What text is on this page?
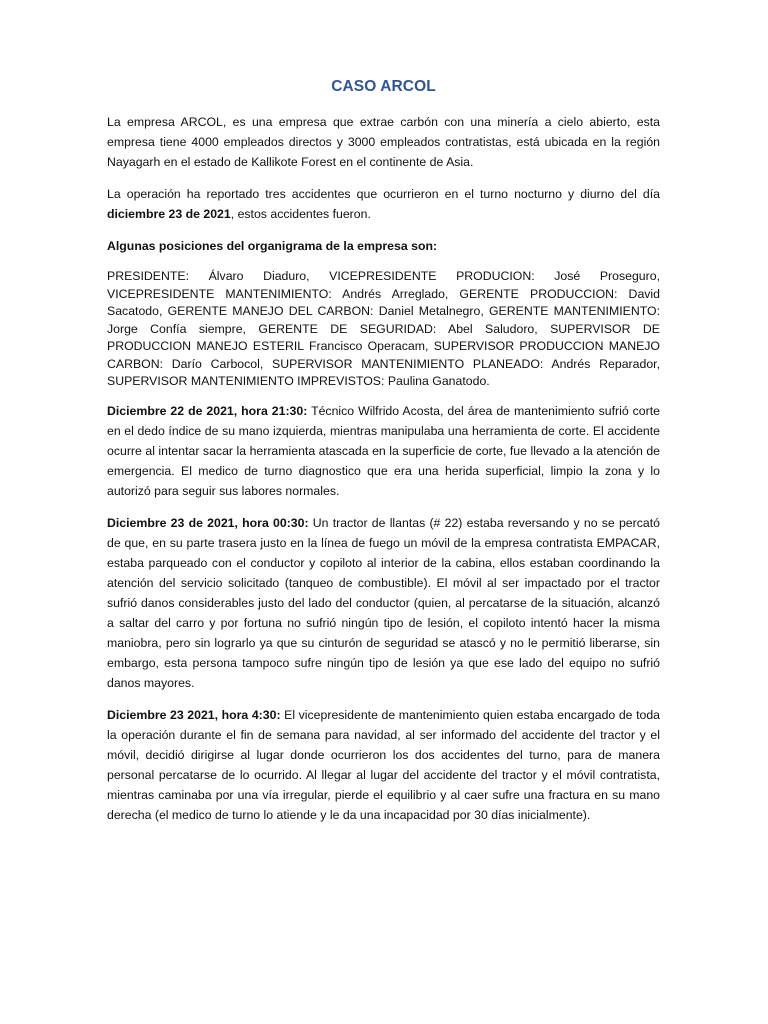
CASO ARCOL

La empresa ARCOL, es una empresa que extrae carbón con una minería a cielo abierto, esta empresa tiene 4000 empleados directos y 3000 empleados contratistas, está ubicada en la región Nayagarh en el estado de Kallikote Forest en el continente de Asia.

La operación ha reportado tres accidentes que ocurrieron en el turno nocturno y diurno del día diciembre 23 de 2021, estos accidentes fueron.

Algunas posiciones del organigrama de la empresa son:

PRESIDENTE: Álvaro Diaduro, VICEPRESIDENTE PRODUCION: José Proseguro, VICEPRESIDENTE MANTENIMIENTO: Andrés Arreglado, GERENTE PRODUCCION: David Sacatodo, GERENTE MANEJO DEL CARBON: Daniel Metalnegro, GERENTE MANTENIMIENTO: Jorge Confía siempre, GERENTE DE SEGURIDAD: Abel Saludoro, SUPERVISOR DE PRODUCCION MANEJO ESTERIL Francisco Operacam, SUPERVISOR PRODUCCION MANEJO CARBON: Darío Carbocol, SUPERVISOR MANTENIMIENTO PLANEADO: Andrés Reparador, SUPERVISOR MANTENIMIENTO IMPREVISTOS: Paulina Ganatodo.

Diciembre 22 de 2021, hora 21:30: Técnico Wilfrido Acosta, del área de mantenimiento sufrió corte en el dedo índice de su mano izquierda, mientras manipulaba una herramienta de corte. El accidente ocurre al intentar sacar la herramienta atascada en la superficie de corte, fue llevado a la atención de emergencia. El medico de turno diagnostico que era una herida superficial, limpio la zona y lo autorizó para seguir sus labores normales.

Diciembre 23 de 2021, hora 00:30: Un tractor de llantas (# 22) estaba reversando y no se percató de que, en su parte trasera justo en la línea de fuego un móvil de la empresa contratista EMPACAR, estaba parqueado con el conductor y copiloto al interior de la cabina, ellos estaban coordinando la atención del servicio solicitado (tanqueo de combustible). El móvil al ser impactado por el tractor sufrió danos considerables justo del lado del conductor (quien, al percatarse de la situación, alcanzó a saltar del carro y por fortuna no sufrió ningún tipo de lesión, el copiloto intentó hacer la misma maniobra, pero sin lograrlo ya que su cinturón de seguridad se atascó y no le permitió liberarse, sin embargo, esta persona tampoco sufre ningún tipo de lesión ya que ese lado del equipo no sufrió danos mayores.

Diciembre 23 2021, hora 4:30: El vicepresidente de mantenimiento quien estaba encargado de toda la operación durante el fin de semana para navidad, al ser informado del accidente del tractor y el móvil, decidió dirigirse al lugar donde ocurrieron los dos accidentes del turno, para de manera personal percatarse de lo ocurrido. Al llegar al lugar del accidente del tractor y el móvil contratista, mientras caminaba por una vía irregular, pierde el equilibrio y al caer sufre una fractura en su mano derecha (el medico de turno lo atiende y le da una incapacidad por 30 días inicialmente).
